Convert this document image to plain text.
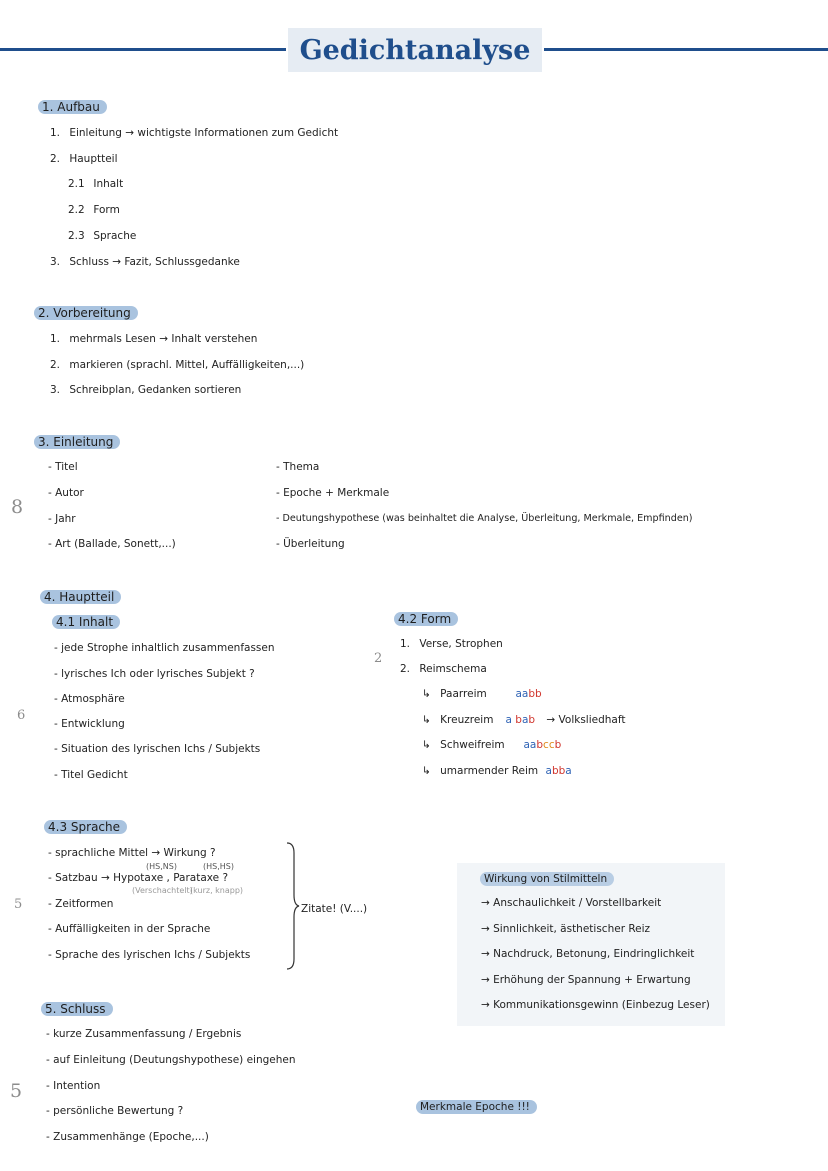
Gedichtanalyse
1. Aufbau
1. Einleitung → wichtigste Informationen zum Gedicht
2. Hauptteil
2.1 Inhalt
2.2 Form
2.3 Sprache
3. Schluss → Fazit, Schlussgedanke
2. Vorbereitung
1. mehrmals Lesen → Inhalt verstehen
2. markieren (sprachl. Mittel, Auffälligkeiten,...)
3. Schreibplan, Gedanken sortieren
3. Einleitung
8
- Titel
- Autor
- Jahr
- Art (Ballade, Sonett,...)
- Thema
- Epoche + Merkmale
- Deutungshypothese (was beinhaltet die Analyse, Überleitung, Merkmale, Empfinden)
- Überleitung
4. Hauptteil
4.1 Inhalt
6
- jede Strophe inhaltlich zusammenfassen
- lyrisches Ich oder lyrisches Subjekt ?
- Atmosphäre
- Entwicklung
- Situation des lyrischen Ichs / Subjekts
- Titel Gedicht
4.2 Form
2
1. Verse, Strophen
2. Reimschema
↳ Paarreim	aabb
↳ Kreuzreim a bab → Volksliedhaft
↳ Schweifreim aabccb
↳ umarmender Reim abba
4.3 Sprache
5
- sprachliche Mittel → Wirkung ?
- Satzbau → Hypotaxe , Parataxe ?
(HS,NS)	(HS,HS)
(Verschachtelt)
(kurz, knapp)
- Zeitformen
- Auffälligkeiten in der Sprache
- Sprache des lyrischen Ichs / Subjekts
Zitate! (V....)
Wirkung von Stilmitteln
→ Anschaulichkeit / Vorstellbarkeit
→ Sinnlichkeit, ästhetischer Reiz
→ Nachdruck, Betonung, Eindringlichkeit
→ Erhöhung der Spannung + Erwartung
→ Kommunikationsgewinn (Einbezug Leser)
5. Schluss
5
- kurze Zusammenfassung / Ergebnis
- auf Einleitung (Deutungshypothese) eingehen
- Intention
- persönliche Bewertung ?
- Zusammenhänge (Epoche,...)
Merkmale Epoche !!!
